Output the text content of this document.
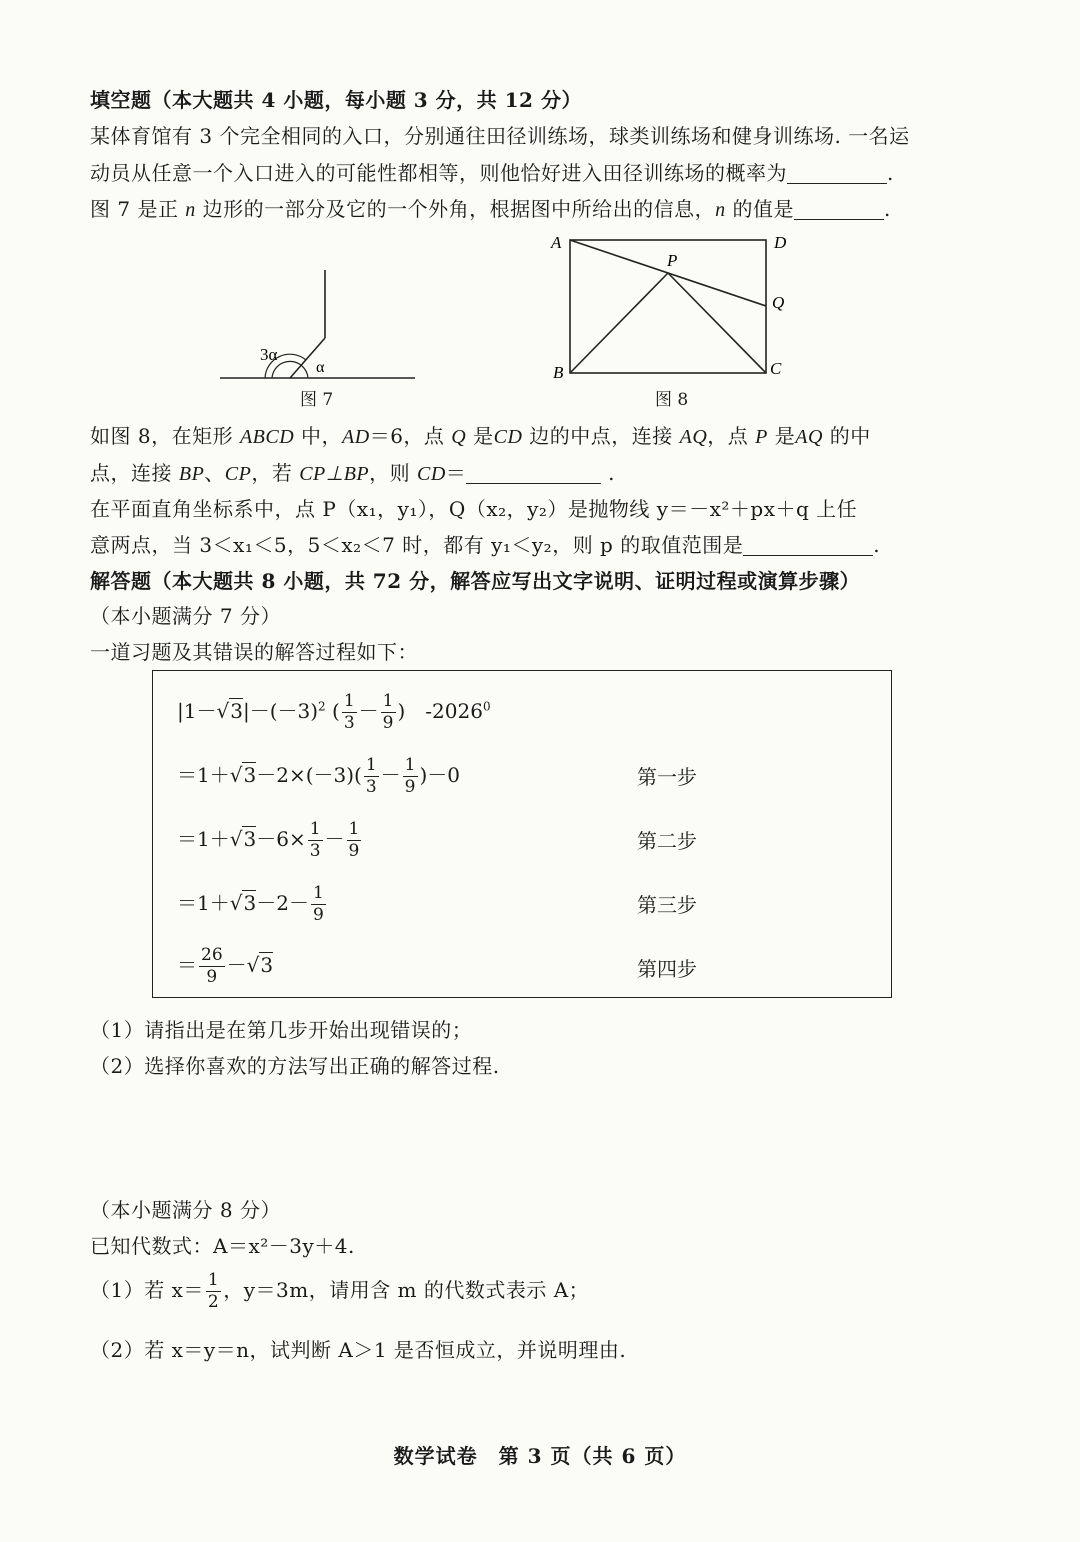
填空题（本大题共 4 小题，每小题 3 分，共 12 分）
某体育馆有 3 个完全相同的入口，分别通往田径训练场，球类训练场和健身训练场. 一名运
动员从任意一个入口进入的可能性都相等，则他恰好进入田径训练场的概率为	.
图 7 是正 n 边形的一部分及它的一个外角，根据图中所给出的信息，n 的值是	.
3α
α
图 7
A	D
P
Q
B	C
图 8
如图 8，在矩形 ABCD 中，AD＝6，点 Q 是CD 边的中点，连接 AQ，点 P 是AQ 的中
点，连接 BP、CP，若 CP⊥BP，则 CD＝	.
在平面直角坐标系中，点 P（x₁，y₁），Q（x₂，y₂）是抛物线 y＝－x²＋px＋q 上任
意两点，当 3＜x₁＜5，5＜x₂＜7 时，都有 y₁＜y₂，则 p 的取值范围是	.
解答题（本大题共 8 小题，共 72 分，解答应写出文字说明、证明过程或演算步骤）
（本小题满分 7 分）
一道习题及其错误的解答过程如下：
$|1-√3|-(-3)^2$ ( $\frac{1}{3} - \frac{1}{9}$ )　$-2026^0$
$=1+√3-2\times(-3)( \frac{1}{3} - \frac{1}{9} )-0$	第一步
$=1+√3-6\times \frac{1}{3} - \frac{1}{9}$	第二步
$=1+√3-2- \frac{1}{9}$	第三步
＝ $\frac{26}{9} -√3$	第四步
（1）请指出是在第几步开始出现错误的；
（2）选择你喜欢的方法写出正确的解答过程.
（本小题满分 8 分）
已知代数式：A＝x²－3y＋4.
（1）若 $x= \frac{1}{2}$ ，y＝3m，请用含 m 的代数式表示 A；
（2）若 x＝y＝n，试判断 A＞1 是否恒成立，并说明理由.
数学试卷　第 3 页（共 6 页）
